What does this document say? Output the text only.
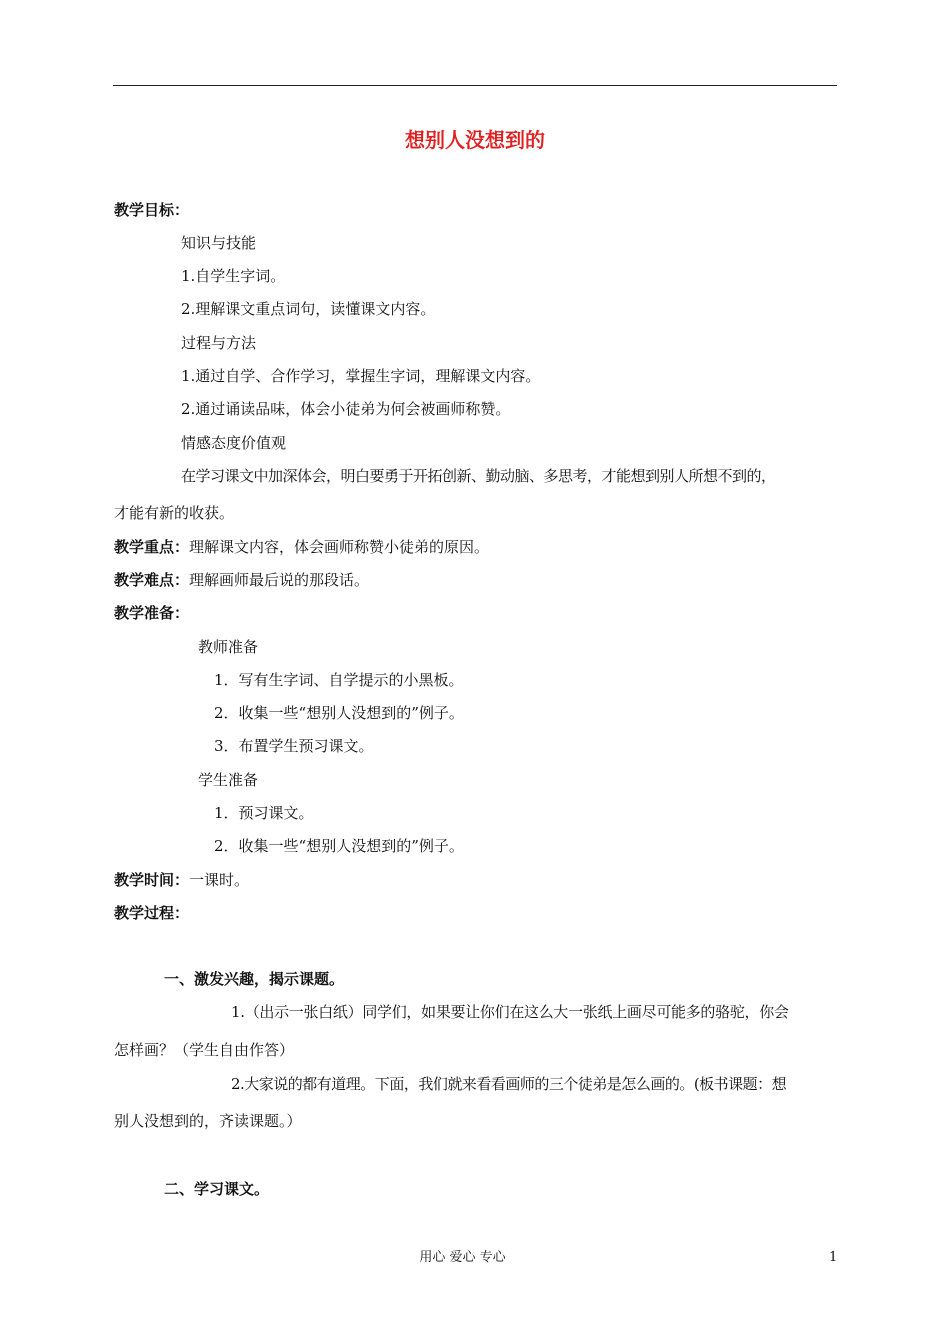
想别人没想到的
教学目标：
知识与技能
1.自学生字词。
2.理解课文重点词句，读懂课文内容。
过程与方法
1.通过自学、合作学习，掌握生字词，理解课文内容。
2.通过诵读品味，体会小徒弟为何会被画师称赞。
情感态度价值观
在学习课文中加深体会，明白要勇于开拓创新、勤动脑、多思考，才能想到别人所想不到的，
才能有新的收获。
教学重点：理解课文内容，体会画师称赞小徒弟的原因。
教学难点：理解画师最后说的那段话。
教学准备：
教师准备
1．写有生字词、自学提示的小黑板。
2．收集一些“想别人没想到的”例子。
3．布置学生预习课文。
学生准备
1．预习课文。
2．收集一些“想别人没想到的”例子。
教学时间：一课时。
教学过程：
一、激发兴趣，揭示课题。
1.（出示一张白纸）同学们，如果要让你们在这么大一张纸上画尽可能多的骆驼，你会
怎样画？（学生自由作答）
2.大家说的都有道理。下面，我们就来看看画师的三个徒弟是怎么画的。(板书课题：想
别人没想到的，齐读课题。）
二、学习课文。
用心 爱心 专心	1
